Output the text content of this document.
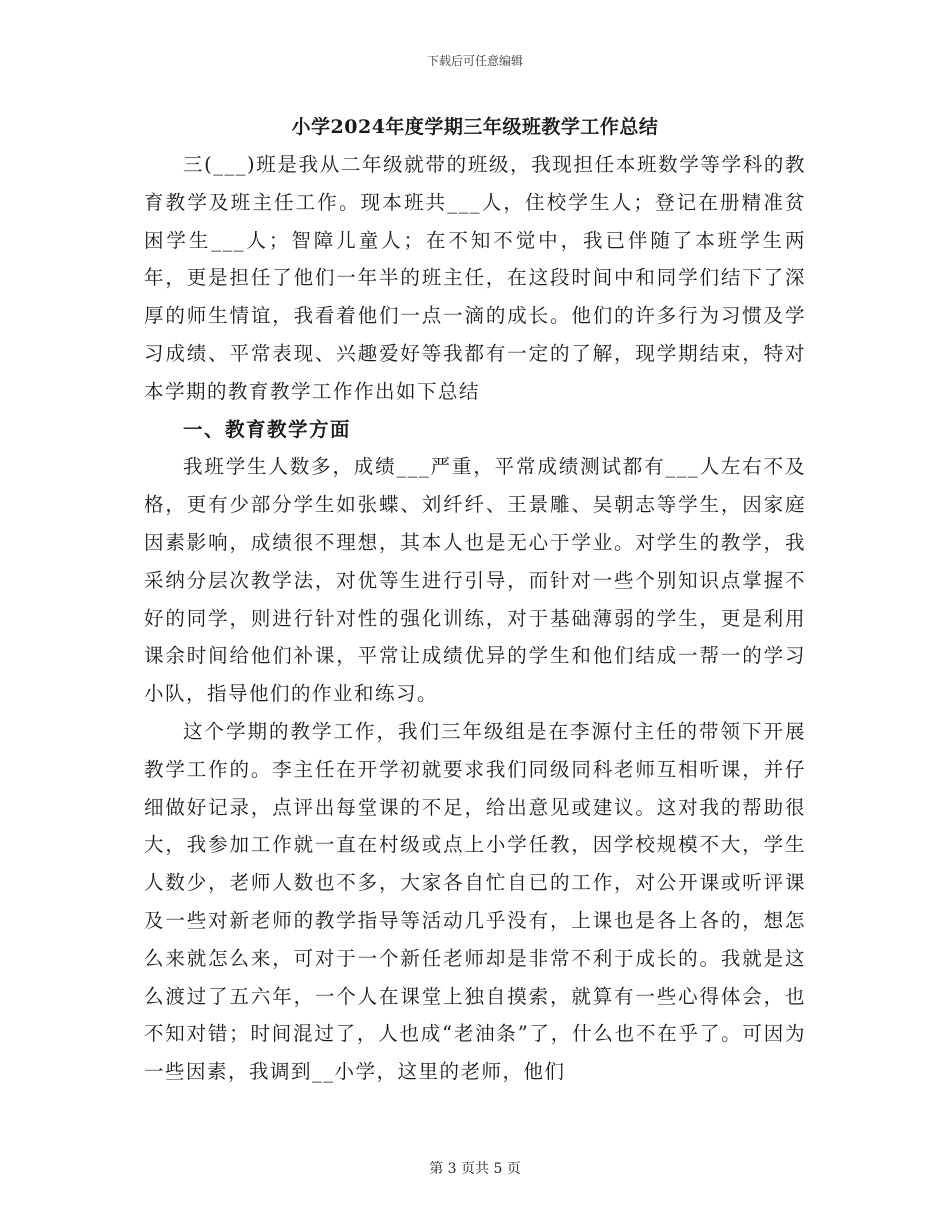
下载后可任意编辑
小学2024年度学期三年级班教学工作总结

三(___)班是我从二年级就带的班级，我现担任本班数学等学科的教育教学及班主任工作。现本班共___人，住校学生人；登记在册精准贫困学生___人；智障儿童人；在不知不觉中，我已伴随了本班学生两年，更是担任了他们一年半的班主任，在这段时间中和同学们结下了深厚的师生情谊，我看着他们一点一滴的成长。他们的许多行为习惯及学习成绩、平常表现、兴趣爱好等我都有一定的了解，现学期结束，特对本学期的教育教学工作作出如下总结

一、教育教学方面

我班学生人数多，成绩___严重，平常成绩测试都有___人左右不及格，更有少部分学生如张蝶、刘纤纤、王景雕、吴朝志等学生，因家庭因素影响，成绩很不理想，其本人也是无心于学业。对学生的教学，我采纳分层次教学法，对优等生进行引导，而针对一些个别知识点掌握不好的同学，则进行针对性的强化训练，对于基础薄弱的学生，更是利用课余时间给他们补课，平常让成绩优异的学生和他们结成一帮一的学习小队，指导他们的作业和练习。

这个学期的教学工作，我们三年级组是在李源付主任的带领下开展教学工作的。李主任在开学初就要求我们同级同科老师互相听课，并仔细做好记录，点评出每堂课的不足，给出意见或建议。这对我的帮助很大，我参加工作就一直在村级或点上小学任教，因学校规模不大，学生人数少，老师人数也不多，大家各自忙自已的工作，对公开课或听评课及一些对新老师的教学指导等活动几乎没有，上课也是各上各的，想怎么来就怎么来，可对于一个新任老师却是非常不利于成长的。我就是这么渡过了五六年，一个人在课堂上独自摸索，就算有一些心得体会，也不知对错；时间混过了，人也成“老油条”了，什么也不在乎了。可因为一些因素，我调到__小学，这里的老师，他们

第 3 页共 5 页
